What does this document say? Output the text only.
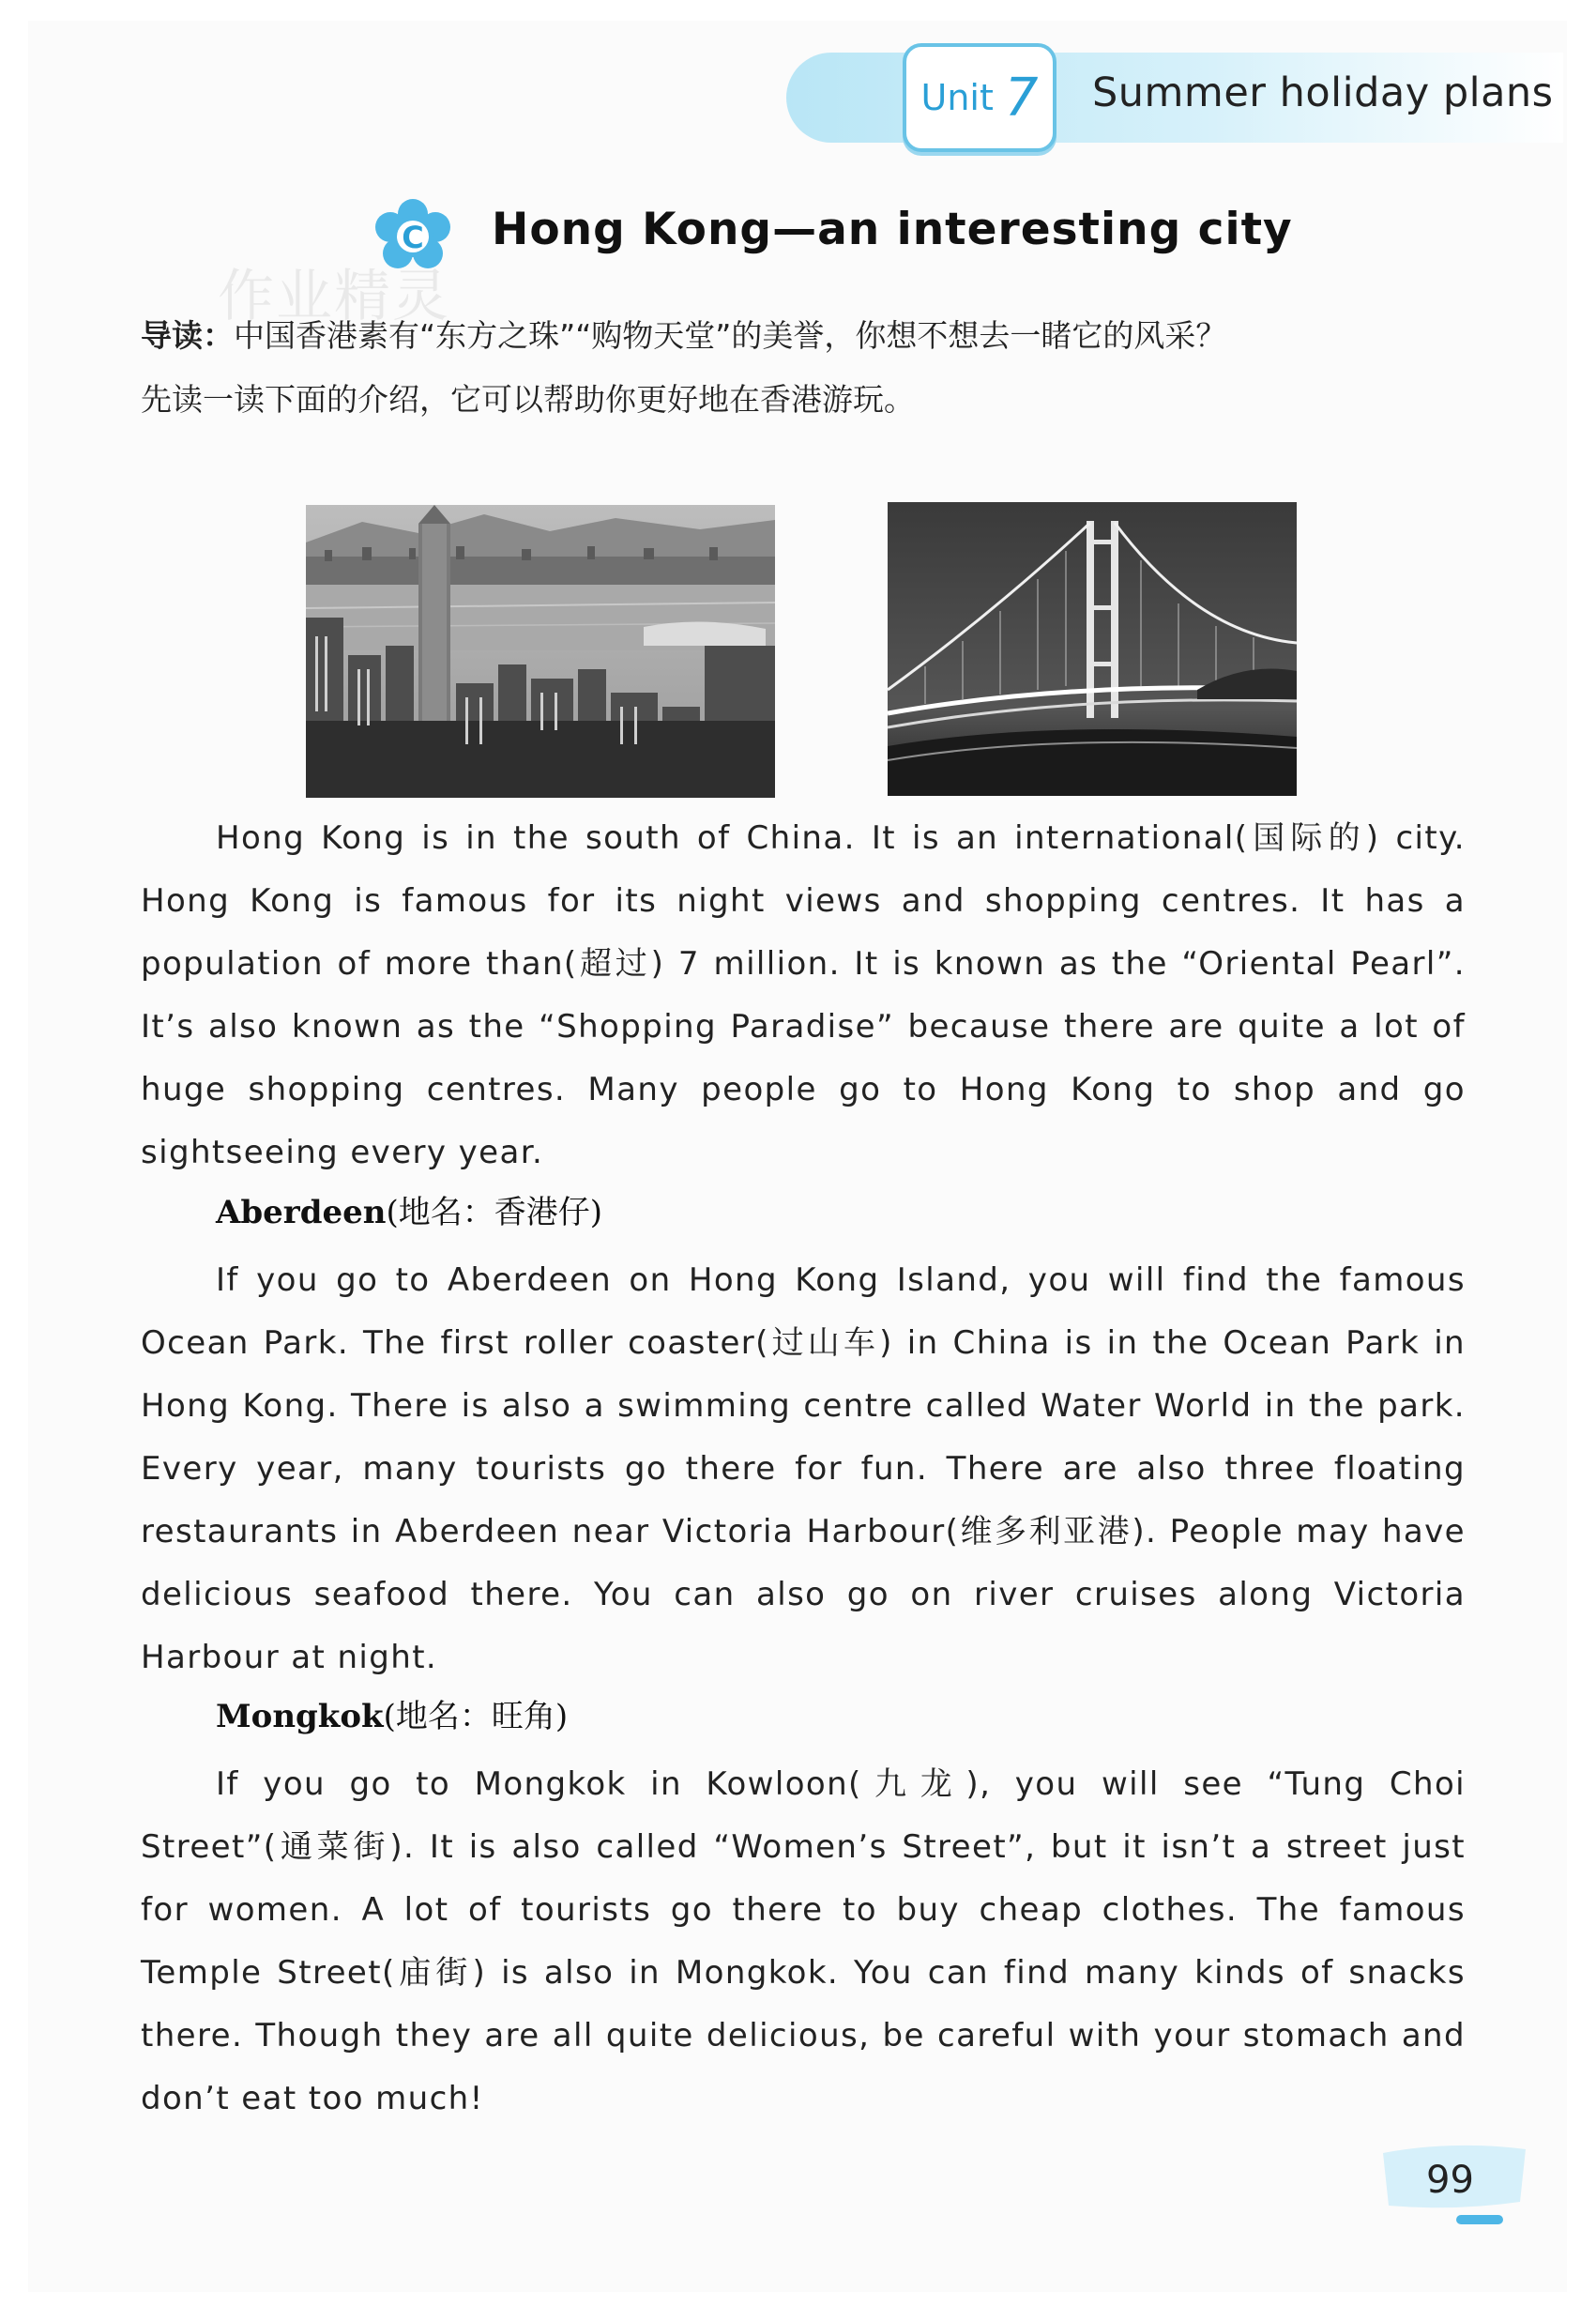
Unit 7 Summer holiday plans
C Hong Kong—an interesting city
作业精灵
导读：中国香港素有“东方之珠”“购物天堂”的美誉，你想不想去一睹它的风采？
先读一读下面的介绍，它可以帮助你更好地在香港游玩。

Hong Kong is in the south of China. It is an international(国际的) city. Hong Kong is famous for its night views and shopping centres. It has a population of more than(超过) 7 million. It is known as the “Oriental Pearl”. It’s also known as the “Shopping Paradise” because there are quite a lot of huge shopping centres. Many people go to Hong Kong to shop and go sightseeing every year.

Aberdeen(地名：香港仔)

If you go to Aberdeen on Hong Kong Island, you will find the famous Ocean Park. The first roller coaster(过山车) in China is in the Ocean Park in Hong Kong. There is also a swimming centre called Water World in the park. Every year, many tourists go there for fun. There are also three floating restaurants in Aberdeen near Victoria Harbour(维多利亚港). People may have delicious seafood there. You can also go on river cruises along Victoria Harbour at night.

Mongkok(地名：旺角)

If you go to Mongkok in Kowloon(九龙), you will see “Tung Choi Street”(通菜街). It is also called “Women’s Street”, but it isn’t a street just for women. A lot of tourists go there to buy cheap clothes. The famous Temple Street(庙街) is also in Mongkok. You can find many kinds of snacks there. Though they are all quite delicious, be careful with your stomach and don’t eat too much!

99
